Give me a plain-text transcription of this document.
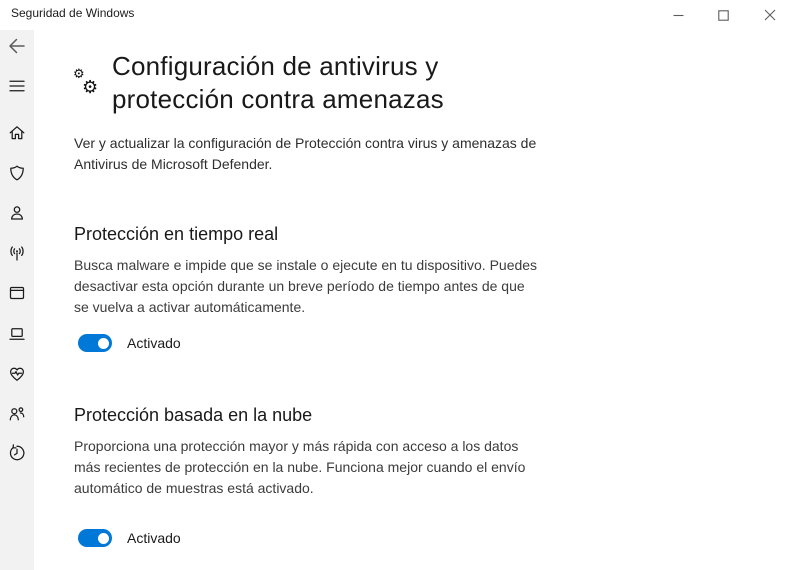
Seguridad de Windows
⚙
⚙
Configuración de antivirus y
protección contra amenazas
Ver y actualizar la configuración de Protección contra virus y amenazas de
Antivirus de Microsoft Defender.
Protección en tiempo real
Busca malware e impide que se instale o ejecute en tu dispositivo. Puedes
desactivar esta opción durante un breve período de tiempo antes de que
se vuelva a activar automáticamente.
Activado
Protección basada en la nube
Proporciona una protección mayor y más rápida con acceso a los datos
más recientes de protección en la nube. Funciona mejor cuando el envío
automático de muestras está activado.
Activado
